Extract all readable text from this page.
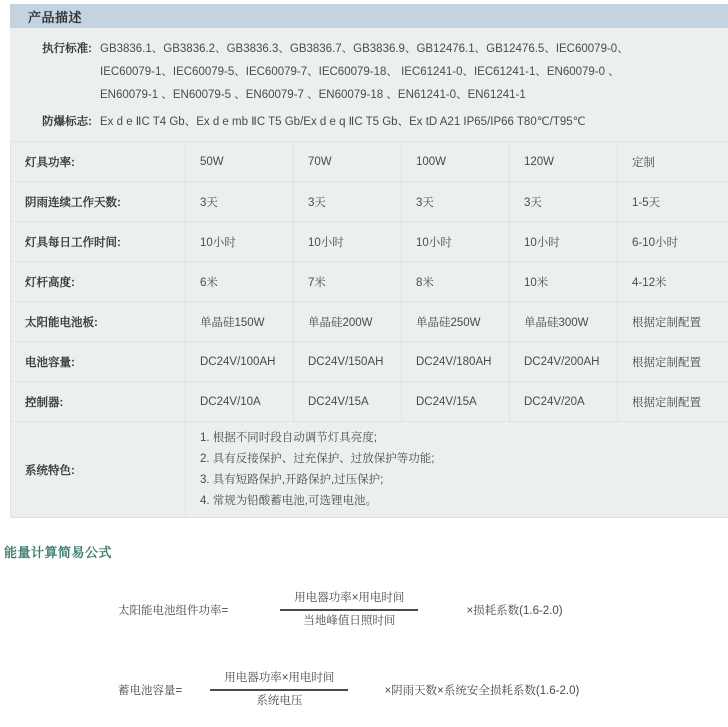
产品描述
执行标准: GB3836.1、GB3836.2、GB3836.3、GB3836.7、GB3836.9、GB12476.1、GB12476.5、IEC60079-0、
IEC60079-1、IEC60079-5、IEC60079-7、IEC60079-18、 IEC61241-0、IEC61241-1、EN60079-0 、
EN60079-1 、EN60079-5 、EN60079-7 、EN60079-18 、EN61241-0、EN61241-1
防爆标志: Ex d e ⅡC T4 Gb、Ex d e mb ⅡC T5 Gb/Ex d e q ⅡC T5 Gb、Ex tD A21 IP65/IP66 T80℃/T95℃
灯具功率:	50W	70W	100W	120W	定制
阴雨连续工作天数:	3天	3天	3天	3天	1-5天
灯具每日工作时间:	10小时	10小时	10小时	10小时	6-10小时
灯杆高度:	6米	7米	8米	10米	4-12米
太阳能电池板:	单晶硅150W	单晶硅200W	单晶硅250W	单晶硅300W	根据定制配置
电池容量:	DC24V/100AH	DC24V/150AH	DC24V/180AH	DC24V/200AH	根据定制配置
控制器:	DC24V/10A	DC24V/15A	DC24V/15A	DC24V/20A	根据定制配置
系统特色:	
1. 根据不同时段自动调节灯具亮度;
2. 具有反接保护、过充保护、过放保护等功能;
3. 具有短路保护,开路保护,过压保护;
4. 常规为铅酸蓄电池,可选锂电池。
能量计算简易公式
太阳能电池组件功率=	$\frac{\text{用电器功率×用电时间}}{\text{当地峰值日照时间}}$	×损耗系数(1.6-2.0)
蓄电池容量= $\frac{\text{用电器功率×用电时间}}{\text{系统电压}}$	×阴雨天数×系统安全损耗系数(1.6-2.0)
